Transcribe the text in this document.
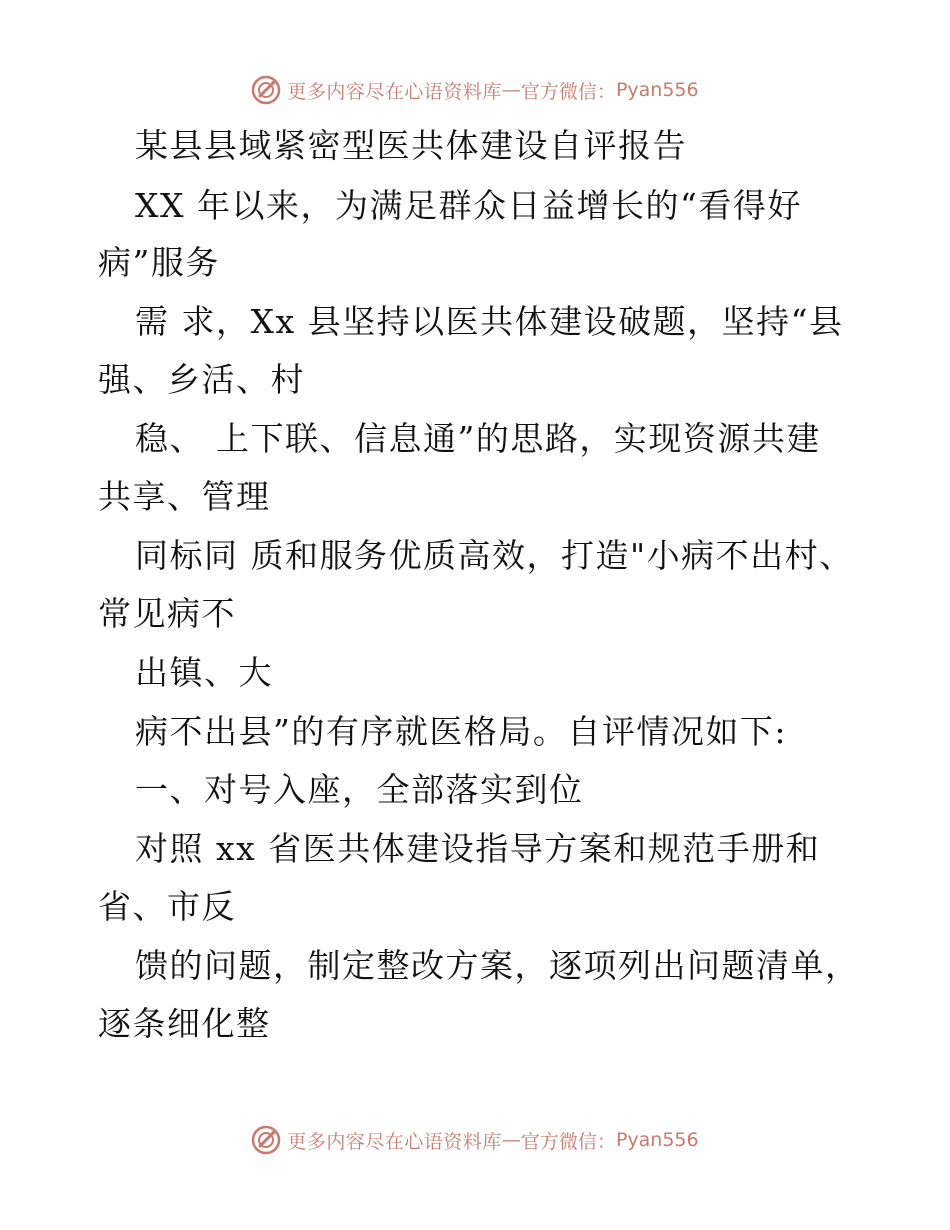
更多内容尽在心语资料库 — 官方微信： Pyan556
某县县域紧密型医共体建设自评报告
XX 年以来，为满足群众日益增长的“看得好
病”服务
需 求，Xx 县坚持以医共体建设破题，坚持“县
强、乡活、村
稳、 上下联、信息通”的思路，实现资源共建
共享、管理
同标同 质和服务优质高效，打造"小病不出村、
常见病不
出镇、大
病不出县”的有序就医格局。自评情况如下:
一、对号入座，全部落实到位
对照 xx 省医共体建设指导方案和规范手册和
省、市反
馈的问题，制定整改方案，逐项列出问题清单，
逐条细化整
更多内容尽在心语资料库 — 官方微信： Pyan556
